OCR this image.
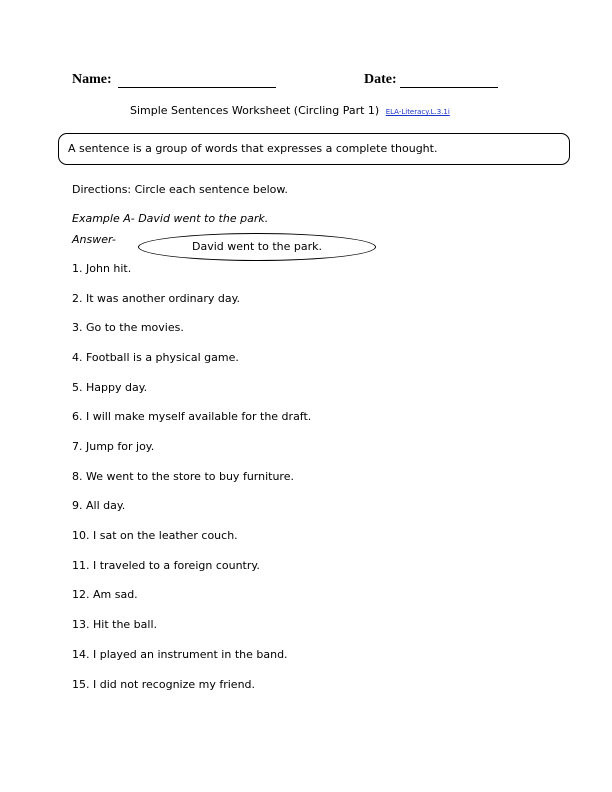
Name:	Date:
Simple Sentences Worksheet (Circling Part 1) ELA-Literacy.L.3.1i
A sentence is a group of words that expresses a complete thought.
Directions: Circle each sentence below.
Example A- David went to the park.
Answer-
David went to the park.
1. John hit.
2. It was another ordinary day.
3. Go to the movies.
4. Football is a physical game.
5. Happy day.
6. I will make myself available for the draft.
7. Jump for joy.
8. We went to the store to buy furniture.
9. All day.
10. I sat on the leather couch.
11. I traveled to a foreign country.
12. Am sad.
13. Hit the ball.
14. I played an instrument in the band.
15. I did not recognize my friend.
